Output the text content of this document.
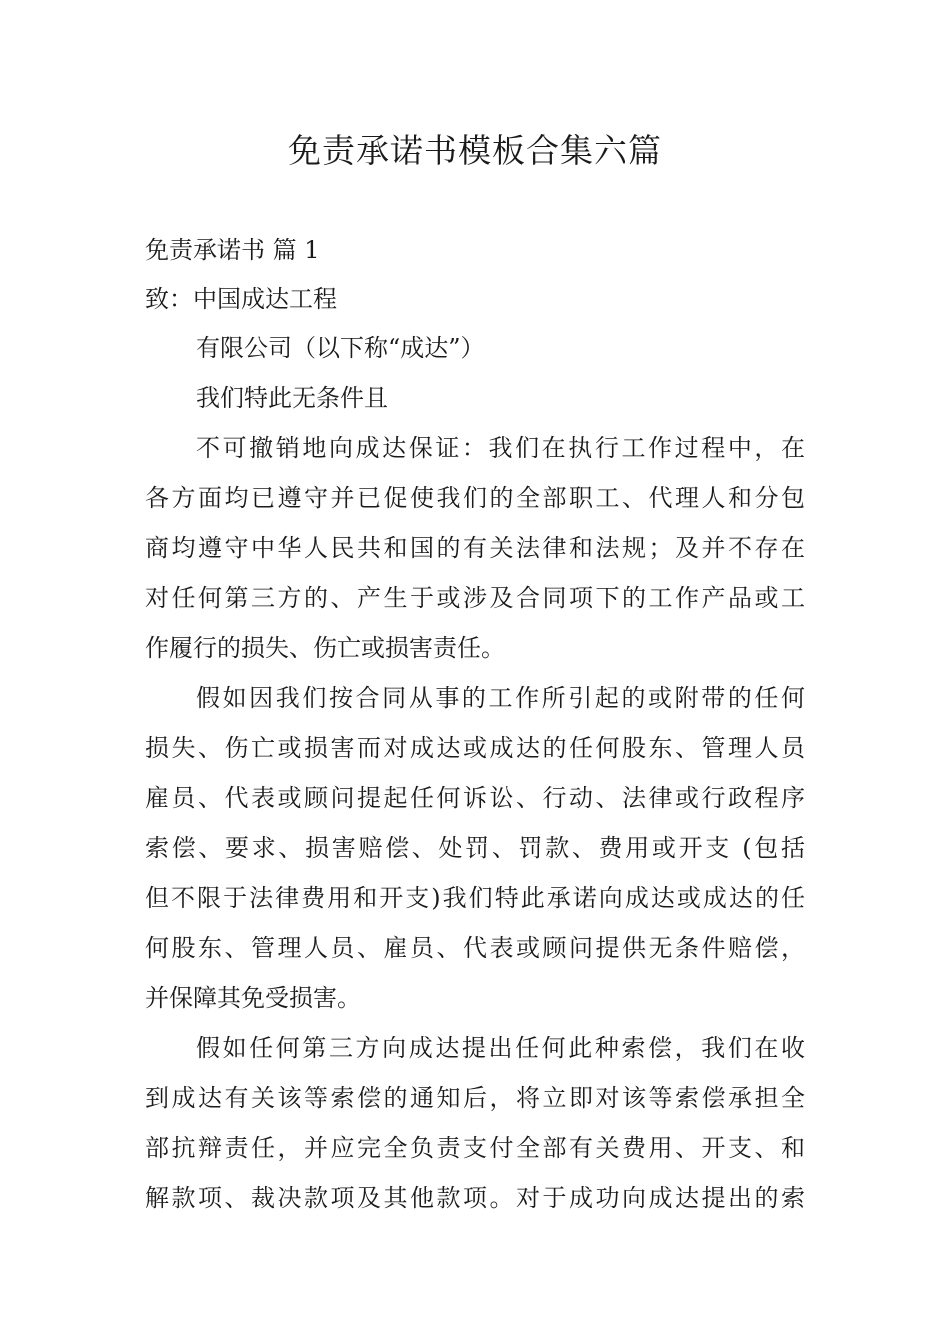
免责承诺书模板合集六篇
免责承诺书 篇 1
致：中国成达工程
有限公司（以下称“成达”）
我们特此无条件且
不可撤销地向成达保证：我们在执行工作过程中，在
各方面均已遵守并已促使我们的全部职工、代理人和分包
商均遵守中华人民共和国的有关法律和法规；及并不存在
对任何第三方的、产生于或涉及合同项下的工作产品或工
作履行的损失、伤亡或损害责任。
假如因我们按合同从事的工作所引起的或附带的任何
损失、伤亡或损害而对成达或成达的任何股东、管理人员
雇员、代表或顾问提起任何诉讼、行动、法律或行政程序
索偿、要求、损害赔偿、处罚、罚款、费用或开支 (包括
但不限于法律费用和开支)我们特此承诺向成达或成达的任
何股东、管理人员、雇员、代表或顾问提供无条件赔偿，
并保障其免受损害。
假如任何第三方向成达提出任何此种索偿，我们在收
到成达有关该等索偿的通知后，将立即对该等索偿承担全
部抗辩责任，并应完全负责支付全部有关费用、开支、和
解款项、裁决款项及其他款项。对于成功向成达提出的索
